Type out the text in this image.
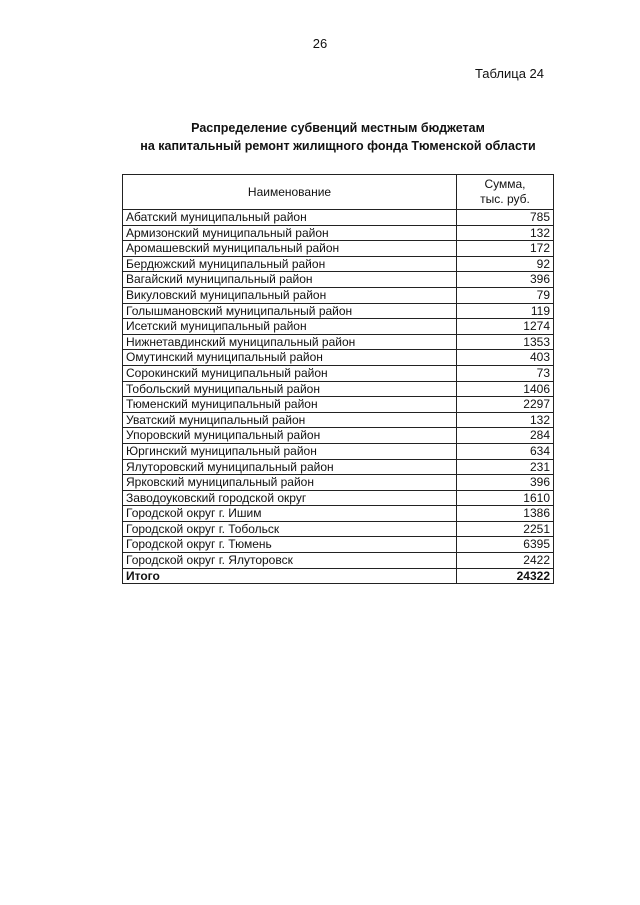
26
Таблица 24
Распределение субвенций местным бюджетам
на капитальный ремонт жилищного фонда Тюменской области
Наименование	Сумма,
тыс. руб.

Абатский муниципальный район	785
Армизонский муниципальный район	132
Аромашевский муниципальный район	172
Бердюжский муниципальный район	92
Вагайский муниципальный район	396
Викуловский муниципальный район	79
Голышмановский муниципальный район	119
Исетский муниципальный район	1274
Нижнетавдинский муниципальный район	1353
Омутинский муниципальный район	403
Сорокинский муниципальный район	73
Тобольский муниципальный район	1406
Тюменский муниципальный район	2297
Уватский муниципальный район	132
Упоровский муниципальный район	284
Юргинский муниципальный район	634
Ялуторовский муниципальный район	231
Ярковский муниципальный район	396
Заводоуковский городской округ	1610
Городской округ г. Ишим	1386
Городской округ г. Тобольск	2251
Городской округ г. Тюмень	6395
Городской округ г. Ялуторовск	2422
Итого	24322
